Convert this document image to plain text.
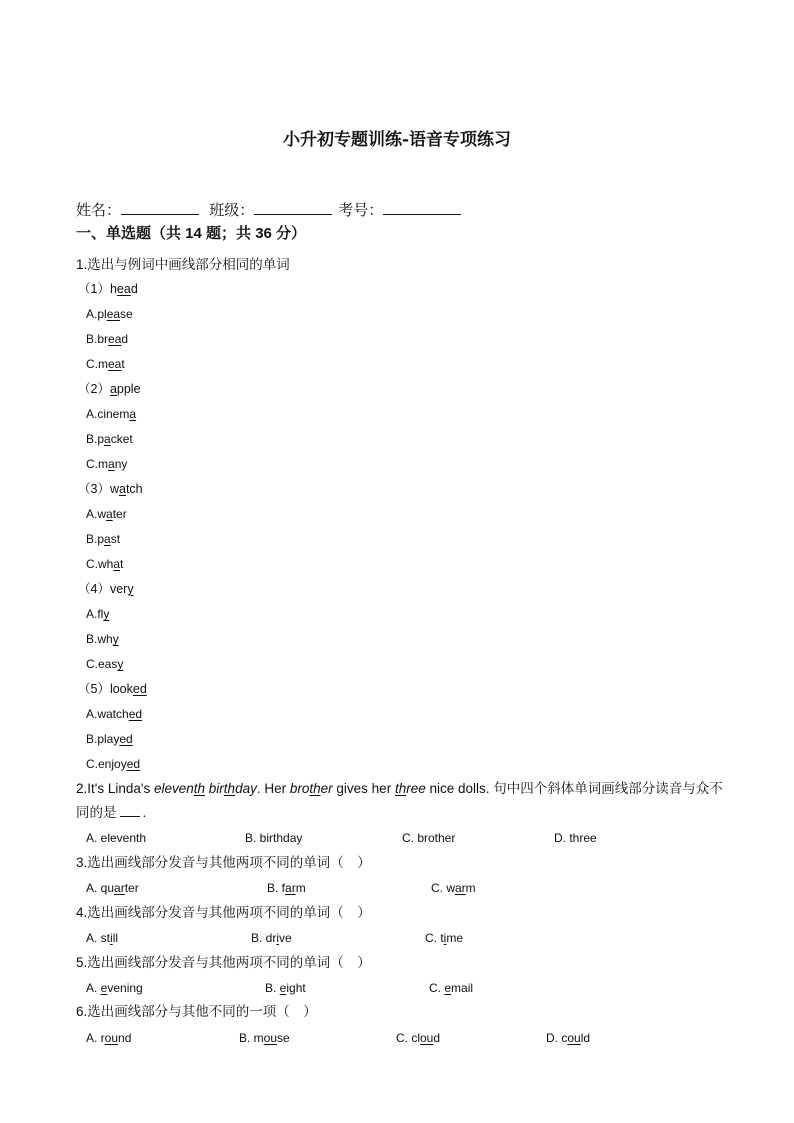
小升初专题训练-语音专项练习
姓名：	班级：	考号：
一、单选题（共 14 题；共 36 分）
1.选出与例词中画线部分相同的单词
（1）head
A.please
B.bread
C.meat
（2）apple
A.cinema
B.packet
C.many
（3）watch
A.water
B.past
C.what
（4）very
A.fly
B.why
C.easy
（5）looked
A.watched
B.played
C.enjoyed
2.It's Linda's eleventh birthday. Her brother gives her three nice dolls. 句中四个斜体单词画线部分读音与众不
同的是 .
A. eleventh	B. birthday	C. brother	D. three
3.选出画线部分发音与其他两项不同的单词（　）
A. quarter	B. farm	C. warm
4.选出画线部分发音与其他两项不同的单词（　）
A. still	B. drive	C. time
5.选出画线部分发音与其他两项不同的单词（　）
A. evening	B. eight	C. email
6.选出画线部分与其他不同的一项（　）
A. round	B. mouse	C. cloud	D. could
